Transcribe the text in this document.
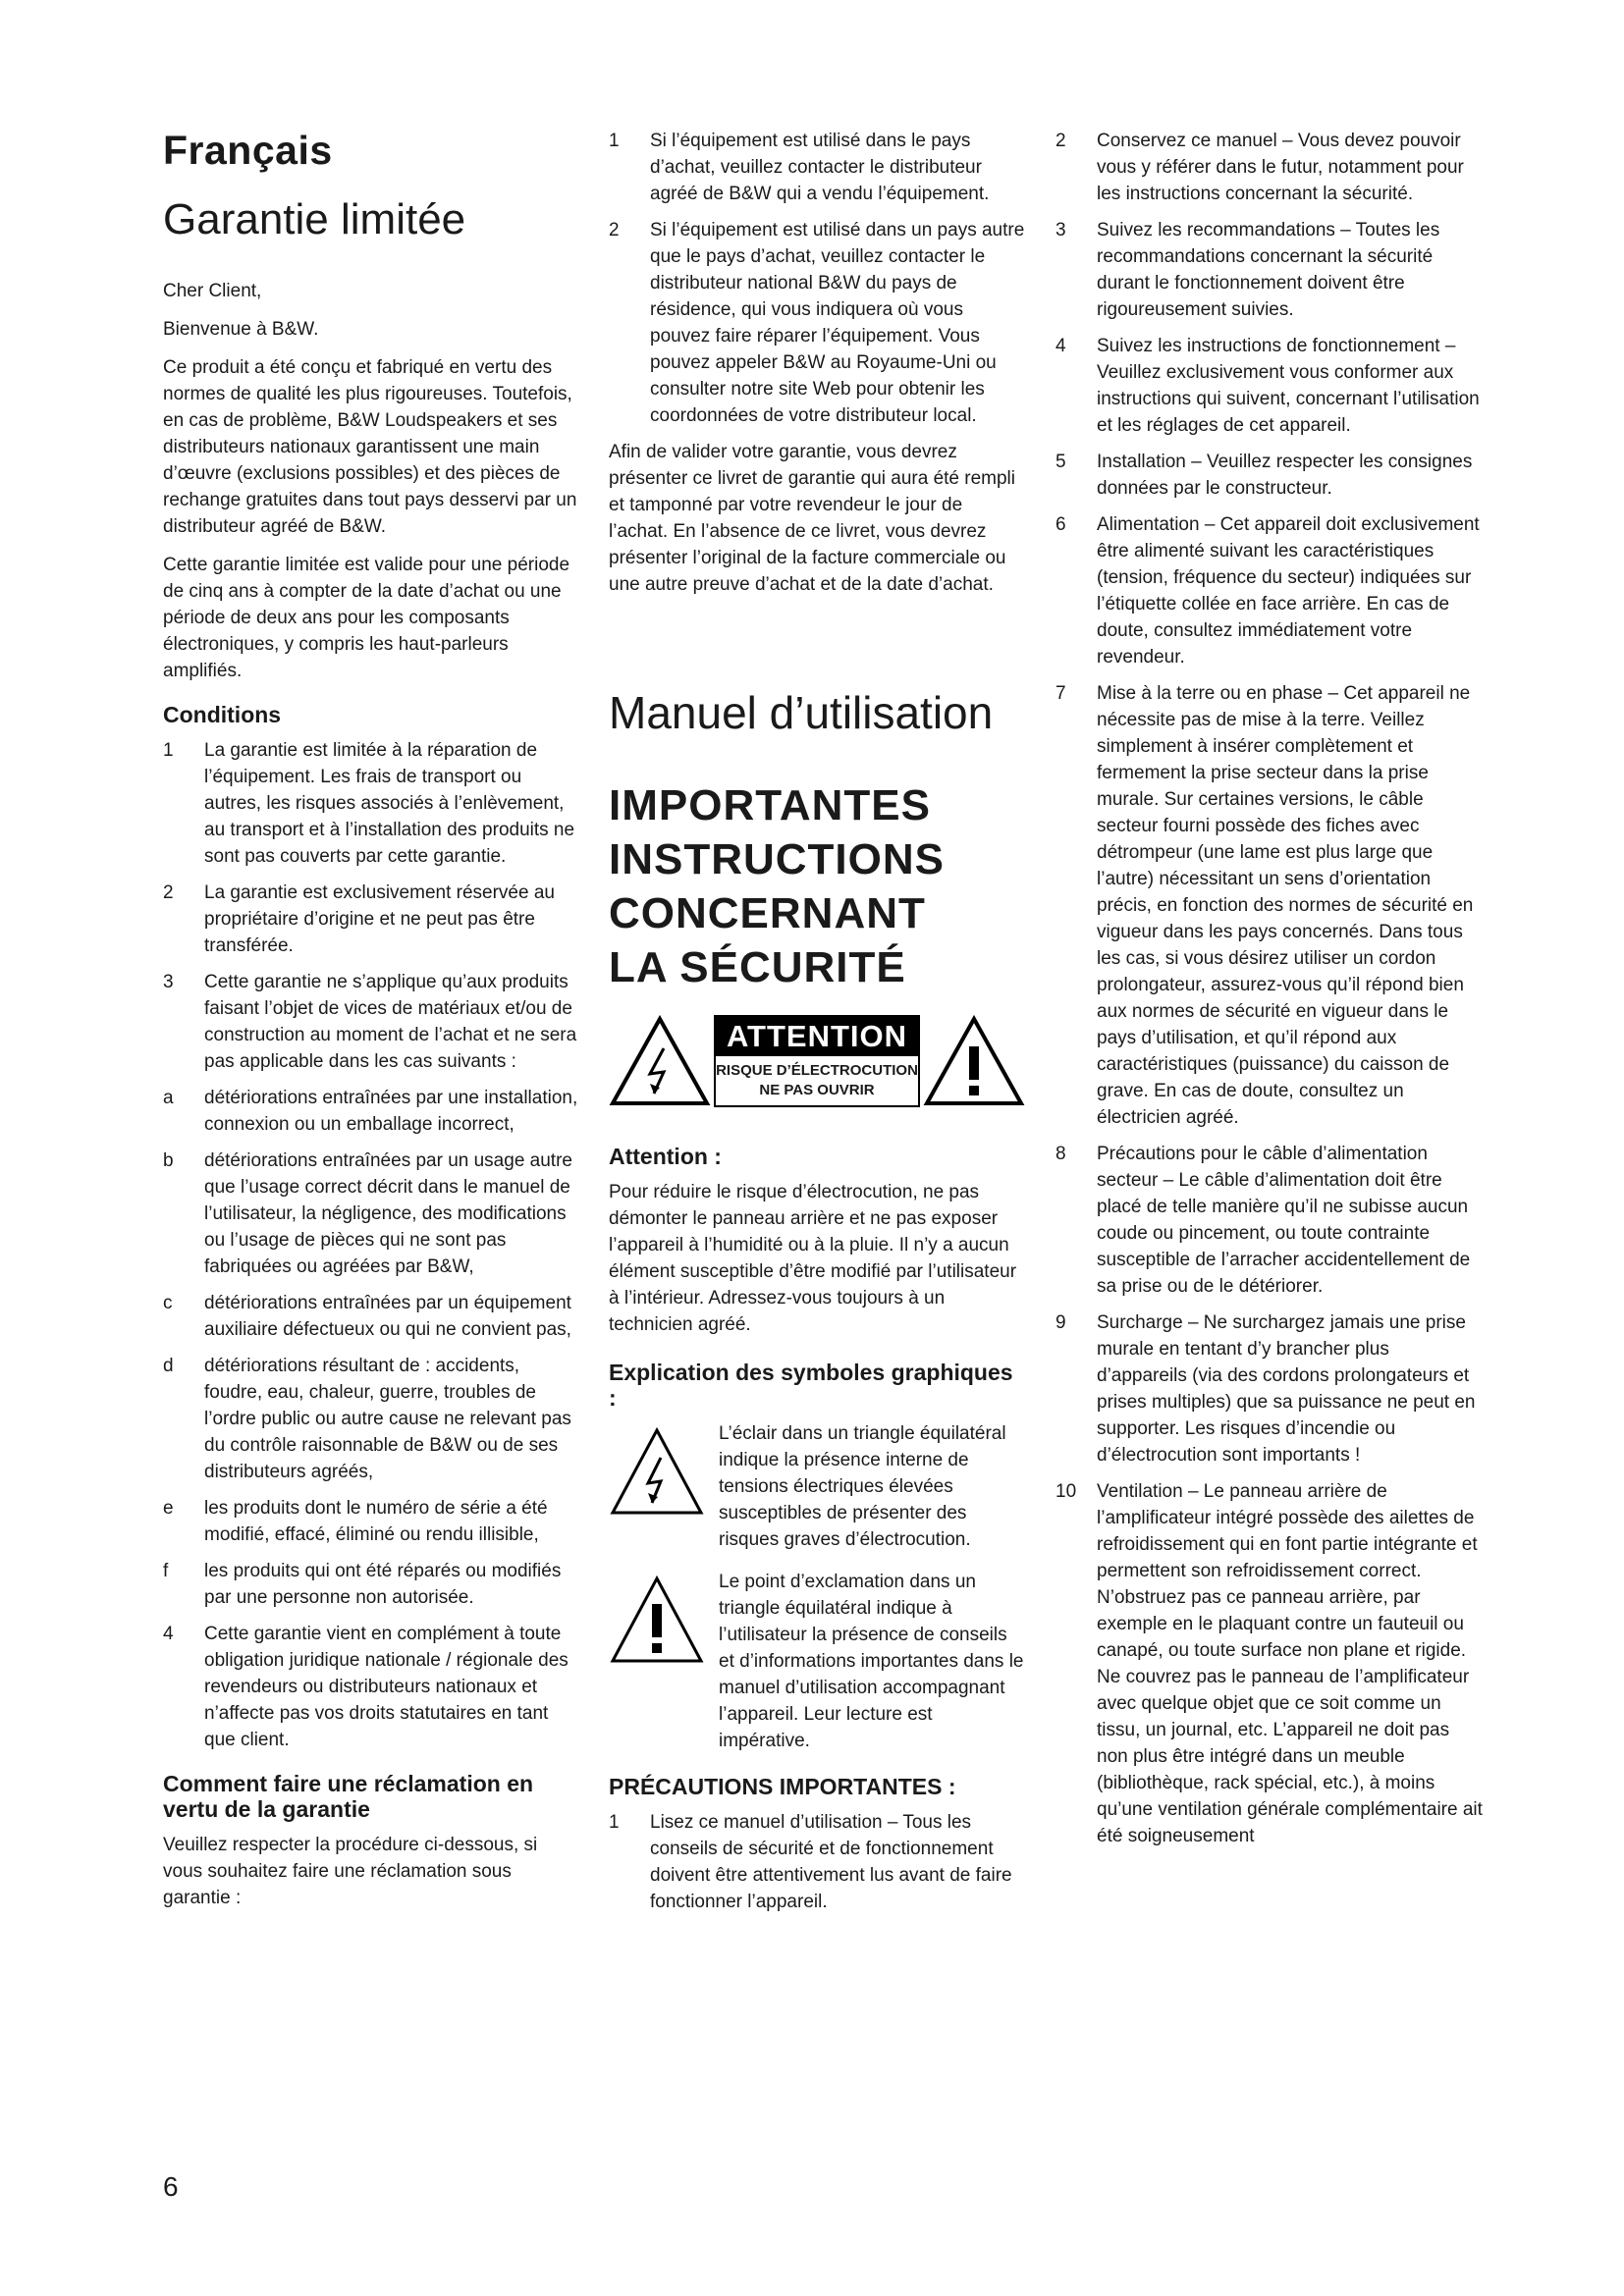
Français
Garantie limitée

Cher Client,

Bienvenue à B&W.

Ce produit a été conçu et fabriqué en vertu des normes de qualité les plus rigoureuses. Toutefois, en cas de problème, B&W Loudspeakers et ses distributeurs nationaux garantissent une main d’œuvre (exclusions possibles) et des pièces de rechange gratuites dans tout pays desservi par un distributeur agréé de B&W.

Cette garantie limitée est valide pour une période de cinq ans à compter de la date d’achat ou une période de deux ans pour les composants électroniques, y compris les haut-parleurs amplifiés.

Conditions
1 La garantie est limitée à la réparation de l’équipement. Les frais de transport ou autres, les risques associés à l’enlèvement, au transport et à l’installation des produits ne sont pas couverts par cette garantie.
2 La garantie est exclusivement réservée au propriétaire d’origine et ne peut pas être transférée.
3 Cette garantie ne s’applique qu’aux produits faisant l’objet de vices de matériaux et/ou de construction au moment de l’achat et ne sera pas applicable dans les cas suivants :
a détériorations entraînées par une installation, connexion ou un emballage incorrect,
b détériorations entraînées par un usage autre que l’usage correct décrit dans le manuel de l’utilisateur, la négligence, des modifications ou l’usage de pièces qui ne sont pas fabriquées ou agréées par B&W,
c détériorations entraînées par un équipement auxiliaire défectueux ou qui ne convient pas,
d détériorations résultant de : accidents, foudre, eau, chaleur, guerre, troubles de l’ordre public ou autre cause ne relevant pas du contrôle raisonnable de B&W ou de ses distributeurs agréés,
e les produits dont le numéro de série a été modifié, effacé, éliminé ou rendu illisible,
f les produits qui ont été réparés ou modifiés par une personne non autorisée.
4 Cette garantie vient en complément à toute obligation juridique nationale / régionale des revendeurs ou distributeurs nationaux et n’affecte pas vos droits statutaires en tant que client.
Comment faire une réclamation en vertu de la garantie

Veuillez respecter la procédure ci-dessous, si vous souhaitez faire une réclamation sous garantie :

1 Si l’équipement est utilisé dans le pays d’achat, veuillez contacter le distributeur agréé de B&W qui a vendu l’équipement.
2 Si l’équipement est utilisé dans un pays autre que le pays d’achat, veuillez contacter le distributeur national B&W du pays de résidence, qui vous indiquera où vous pouvez faire réparer l’équipement. Vous pouvez appeler B&W au Royaume-Uni ou consulter notre site Web pour obtenir les coordonnées de votre distributeur local.

Afin de valider votre garantie, vous devrez présenter ce livret de garantie qui aura été rempli et tamponné par votre revendeur le jour de l’achat. En l’absence de ce livret, vous devrez présenter l’original de la facture commerciale ou une autre preuve d’achat et de la date d’achat.

Manuel d’utilisation
IMPORTANTES
INSTRUCTIONS
CONCERNANT
LA SÉCURITÉ
ATTENTION
RISQUE D’ÉLECTROCUTION
NE PAS OUVRIR
Attention :

Pour réduire le risque d’électrocution, ne pas démonter le panneau arrière et ne pas exposer l’appareil à l’humidité ou à la pluie. Il n’y a aucun élément susceptible d’être modifié par l’utilisateur à l’intérieur. Adressez-vous toujours à un technicien agréé.

Explication des symboles graphiques :
L’éclair dans un triangle équilatéral indique la présence interne de tensions électriques élevées susceptibles de présenter des risques graves d’électrocution.
Le point d’exclamation dans un triangle équilatéral indique à l’utilisateur la présence de conseils et d’informations importantes dans le manuel d’utilisation accompagnant l’appareil. Leur lecture est impérative.
PRÉCAUTIONS IMPORTANTES :
1 Lisez ce manuel d’utilisation – Tous les conseils de sécurité et de fonctionnement doivent être attentivement lus avant de faire fonctionner l’appareil.
2 Conservez ce manuel – Vous devez pouvoir vous y référer dans le futur, notamment pour les instructions concernant la sécurité.
3 Suivez les recommandations – Toutes les recommandations concernant la sécurité durant le fonctionnement doivent être rigoureusement suivies.
4 Suivez les instructions de fonctionnement – Veuillez exclusivement vous conformer aux instructions qui suivent, concernant l’utilisation et les réglages de cet appareil.
5 Installation – Veuillez respecter les consignes données par le constructeur.
6 Alimentation – Cet appareil doit exclusivement être alimenté suivant les caractéristiques (tension, fréquence du secteur) indiquées sur l’étiquette collée en face arrière. En cas de doute, consultez immédiatement votre revendeur.
7 Mise à la terre ou en phase – Cet appareil ne nécessite pas de mise à la terre. Veillez simplement à insérer complètement et fermement la prise secteur dans la prise murale. Sur certaines versions, le câble secteur fourni possède des fiches avec détrompeur (une lame est plus large que l’autre) nécessitant un sens d’orientation précis, en fonction des normes de sécurité en vigueur dans les pays concernés. Dans tous les cas, si vous désirez utiliser un cordon prolongateur, assurez-vous qu’il répond bien aux normes de sécurité en vigueur dans le pays d’utilisation, et qu’il répond aux caractéristiques (puissance) du caisson de grave. En cas de doute, consultez un électricien agréé.
8 Précautions pour le câble d’alimentation secteur – Le câble d’alimentation doit être placé de telle manière qu’il ne subisse aucun coude ou pincement, ou toute contrainte susceptible de l’arracher accidentellement de sa prise ou de le détériorer.
9 Surcharge – Ne surchargez jamais une prise murale en tentant d’y brancher plus d’appareils (via des cordons prolongateurs et prises multiples) que sa puissance ne peut en supporter. Les risques d’incendie ou d’électrocution sont importants !
10 Ventilation – Le panneau arrière de l’amplificateur intégré possède des ailettes de refroidissement qui en font partie intégrante et permettent son refroidissement correct. N’obstruez pas ce panneau arrière, par exemple en le plaquant contre un fauteuil ou canapé, ou toute surface non plane et rigide. Ne couvrez pas le panneau de l’amplificateur avec quelque objet que ce soit comme un tissu, un journal, etc. L’appareil ne doit pas non plus être intégré dans un meuble (bibliothèque, rack spécial, etc.), à moins qu’une ventilation générale complémentaire ait été soigneusement
6
